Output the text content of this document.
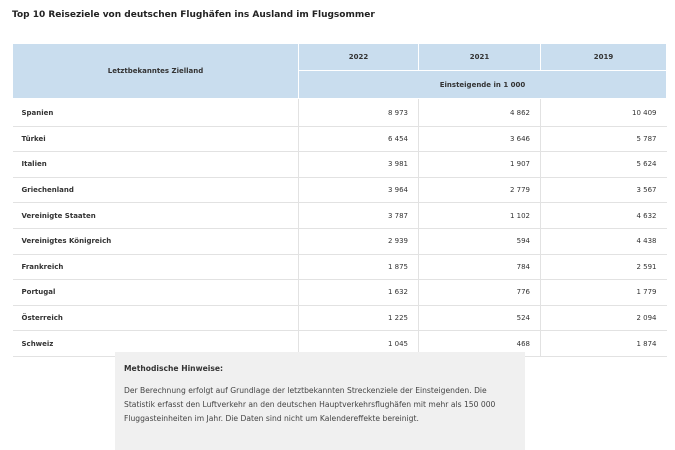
Top 10 Reiseziele von deutschen Flughäfen ins Ausland im Flugsommer
Letztbekanntes Zielland	2022	2021	2019
	Einsteigende in 1 000		
Spanien	8 973	4 862	10 409
Türkei	6 454	3 646	5 787
Italien	3 981	1 907	5 624
Griechenland	3 964	2 779	3 567
Vereinigte Staaten	3 787	1 102	4 632
Vereinigtes Königreich	2 939	594	4 438
Frankreich	1 875	784	2 591
Portugal	1 632	776	1 779
Österreich	1 225	524	2 094
Schweiz	1 045	468	1 874
Methodische Hinweise:

Der Berechnung erfolgt auf Grundlage der letztbekannten Streckenziele der Einsteigenden. Die Statistik erfasst den Luftverkehr an den deutschen Hauptverkehrsflughäfen mit mehr als 150 000 Fluggasteinheiten im Jahr. Die Daten sind nicht um Kalendereffekte bereinigt.
